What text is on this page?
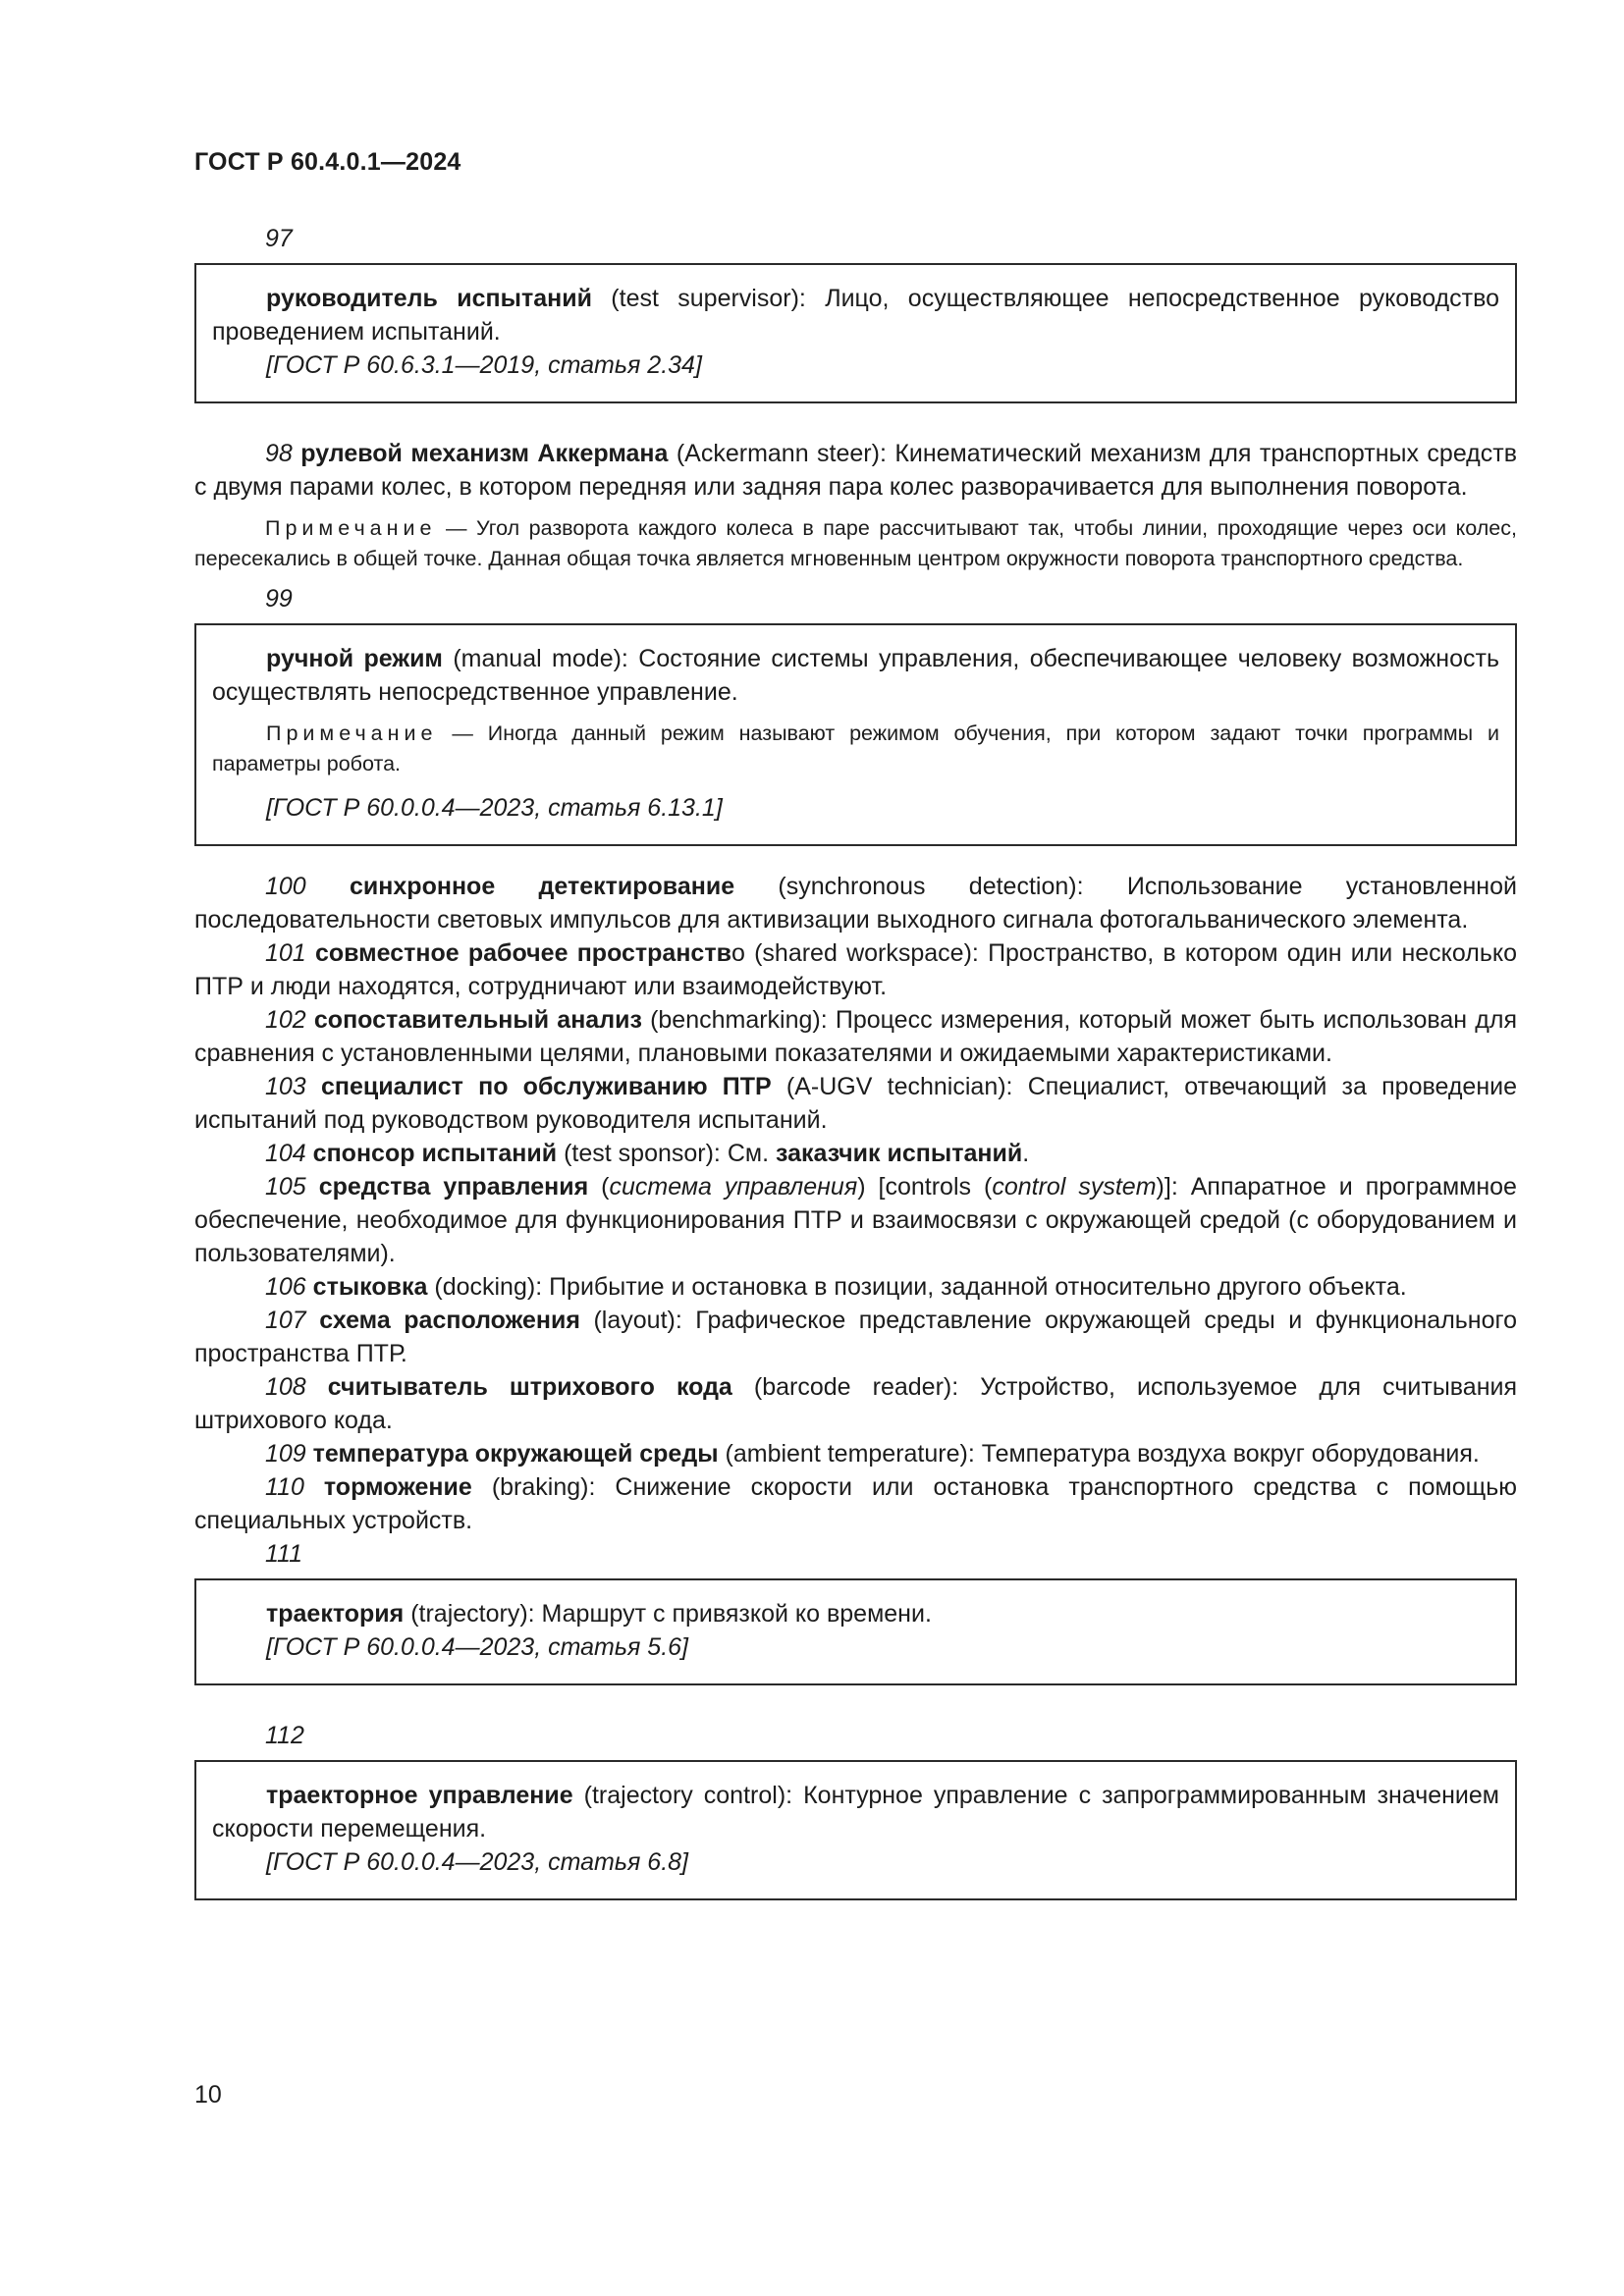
ГОСТ Р 60.4.0.1—2024

97

руководитель испытаний (test supervisor): Лицо, осуществляющее непосредственное руководство проведением испытаний.

[ГОСТ Р 60.6.3.1—2019, статья 2.34]

98 рулевой механизм Аккермана (Ackermann steer): Кинематический механизм для транспортных средств с двумя парами колес, в котором передняя или задняя пара колес разворачивается для выполнения поворота.

Примечание — Угол разворота каждого колеса в паре рассчитывают так, чтобы линии, проходящие через оси колес, пересекались в общей точке. Данная общая точка является мгновенным центром окружности поворота транспортного средства.

99

ручной режим (manual mode): Состояние системы управления, обеспечивающее человеку возможность осуществлять непосредственное управление.

Примечание — Иногда данный режим называют режимом обучения, при котором задают точки программы и параметры робота.

[ГОСТ Р 60.0.0.4—2023, статья 6.13.1]

100 синхронное детектирование (synchronous detection): Использование установленной последовательности световых импульсов для активизации выходного сигнала фотогальванического элемента.

101 совместное рабочее пространство (shared workspace): Пространство, в котором один или несколько ПТР и люди находятся, сотрудничают или взаимодействуют.

102 сопоставительный анализ (benchmarking): Процесс измерения, который может быть использован для сравнения с установленными целями, плановыми показателями и ожидаемыми характеристиками.

103 специалист по обслуживанию ПТР (A-UGV technician): Специалист, отвечающий за проведение испытаний под руководством руководителя испытаний.

104 спонсор испытаний (test sponsor): См. заказчик испытаний.

105 средства управления (система управления) [controls (control system)]: Аппаратное и программное обеспечение, необходимое для функционирования ПТР и взаимосвязи с окружающей средой (с оборудованием и пользователями).

106 стыковка (docking): Прибытие и остановка в позиции, заданной относительно другого объекта.

107 схема расположения (layout): Графическое представление окружающей среды и функционального пространства ПТР.

108 считыватель штрихового кода (barcode reader): Устройство, используемое для считывания штрихового кода.

109 температура окружающей среды (ambient temperature): Температура воздуха вокруг оборудования.

110 торможение (braking): Снижение скорости или остановка транспортного средства с помощью специальных устройств.

111

траектория (trajectory): Маршрут с привязкой ко времени.

[ГОСТ Р 60.0.0.4—2023, статья 5.6]

112

траекторное управление (trajectory control): Контурное управление с запрограммированным значением скорости перемещения.

[ГОСТ Р 60.0.0.4—2023, статья 6.8]

10
